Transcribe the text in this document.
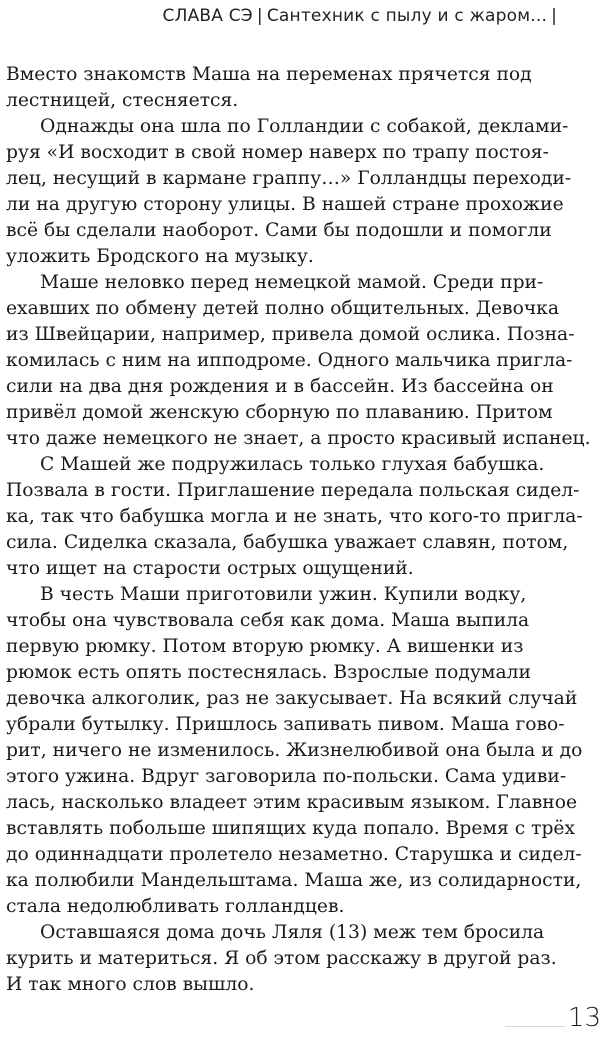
СЛАВА СЭ | Сантехник с пылу и с жаром... |

Вместо знакомств Маша на переменах прячется под
лестницей, стесняется.

Однажды она шла по Голландии с собакой, деклами-
руя «И восходит в свой номер наверх по трапу постоя-
лец, несущий в кармане граппу…» Голландцы переходи-
ли на другую сторону улицы. В нашей стране прохожие
всё бы сделали наоборот. Сами бы подошли и помогли
уложить Бродского на музыку.

Маше неловко перед немецкой мамой. Среди при-
ехавших по обмену детей полно общительных. Девочка
из Швейцарии, например, привела домой ослика. Позна-
комилась с ним на ипподроме. Одного мальчика пригла-
сили на два дня рождения и в бассейн. Из бассейна он
привёл домой женскую сборную по плаванию. Притом
что даже немецкого не знает, а просто красивый испанец.

С Машей же подружилась только глухая бабушка.
Позвала в гости. Приглашение передала польская сидел-
ка, так что бабушка могла и не знать, что кого-то пригла-
сила. Сиделка сказала, бабушка уважает славян, потом,
что ищет на старости острых ощущений.

В честь Маши приготовили ужин. Купили водку,
чтобы она чувствовала себя как дома. Маша выпила
первую рюмку. Потом вторую рюмку. А вишенки из
рюмок есть опять постеснялась. Взрослые подумали
девочка алкоголик, раз не закусывает. На всякий случай
убрали бутылку. Пришлось запивать пивом. Маша гово-
рит, ничего не изменилось. Жизнелюбивой она была и до
этого ужина. Вдруг заговорила по-польски. Сама удиви-
лась, насколько владеет этим красивым языком. Главное
вставлять побольше шипящих куда попало. Время с трёх
до одиннадцати пролетело незаметно. Старушка и сидел-
ка полюбили Мандельштама. Маша же, из солидарности,
стала недолюбливать голландцев.

Оставшаяся дома дочь Ляля (13) меж тем бросила
курить и материться. Я об этом расскажу в другой раз.
И так много слов вышло.

13
